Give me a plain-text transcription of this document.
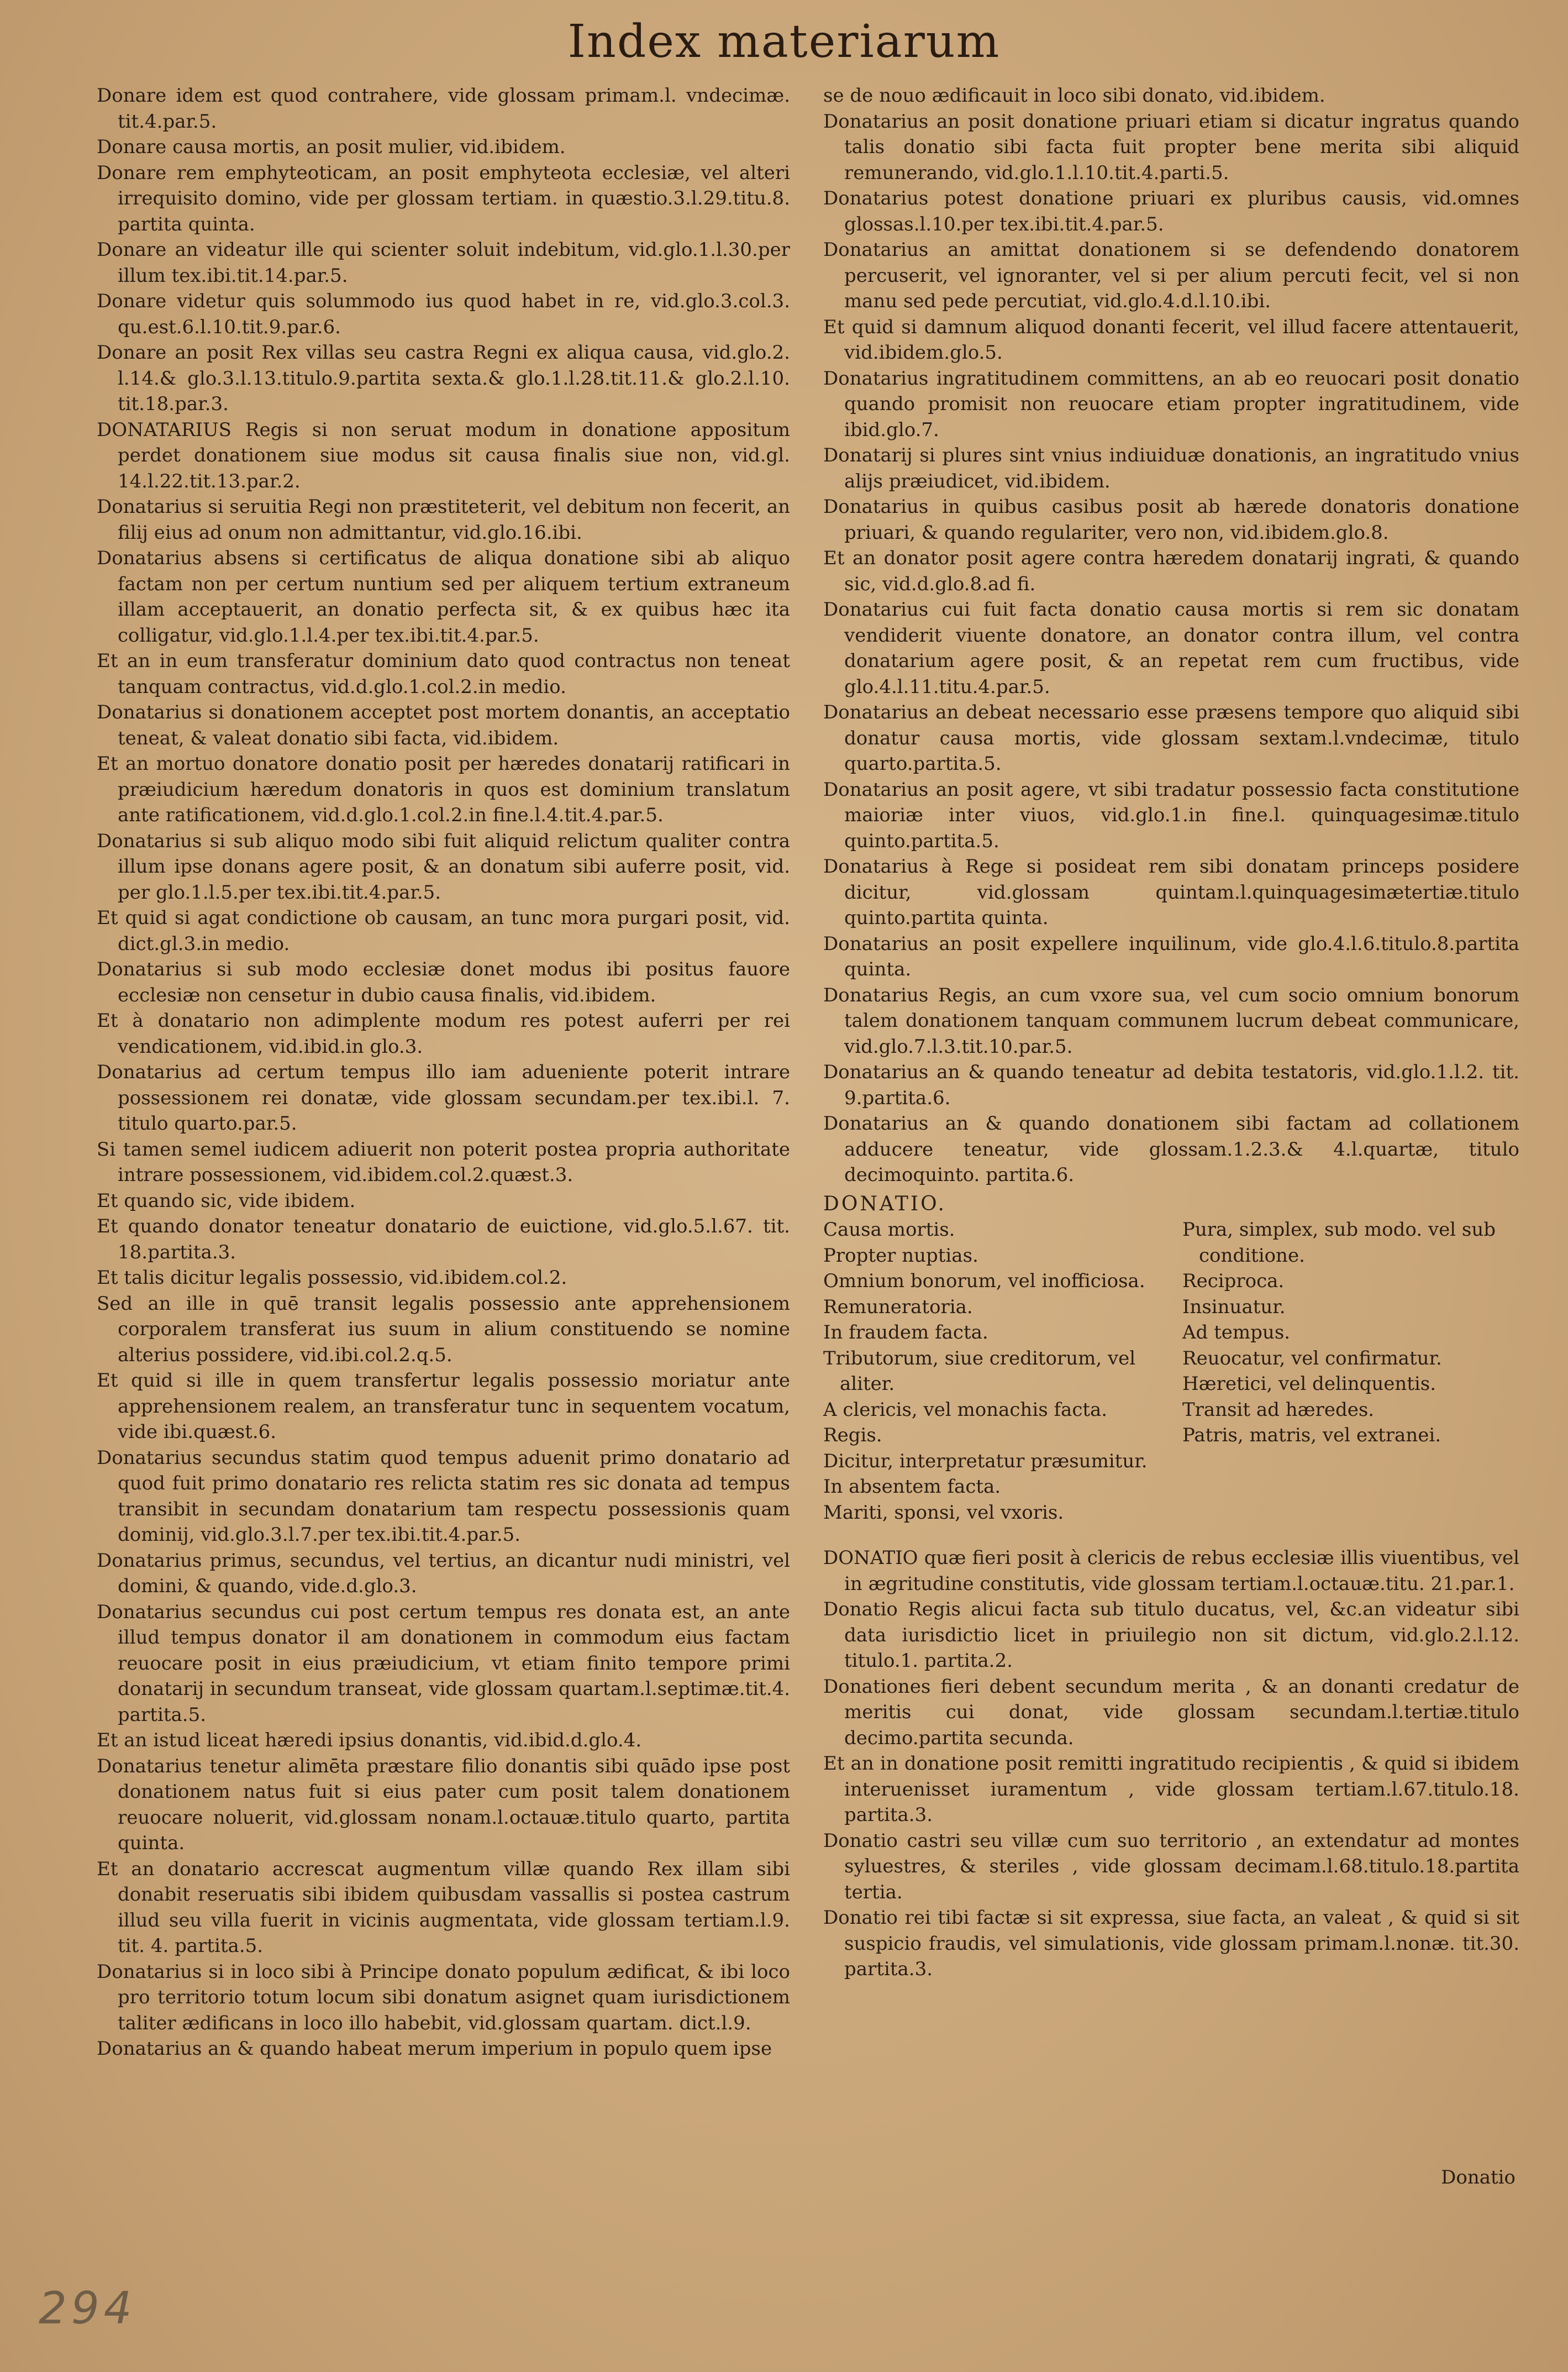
Index materiarum
Donare idem est quod contrahere, vide glossam primam.l. vndecimæ. tit.4.par.5.
Donare causa mortis, an posit mulier, vid.ibidem.
Donare rem emphyteoticam, an posit emphyteota ecclesiæ, vel alteri irrequisito domino, vide per glossam tertiam. in quæstio.3.l.29.titu.8. partita quinta.
Donare an videatur ille qui scienter soluit indebitum, vid.glo.1.l.30.per illum tex.ibi.tit.14.par.5.
Donare videtur quis solummodo ius quod habet in re, vid.glo.3.col.3. qu.est.6.l.10.tit.9.par.6.
Donare an posit Rex villas seu castra Regni ex aliqua causa, vid.glo.2. l.14.& glo.3.l.13.titulo.9.partita sexta.& glo.1.l.28.tit.11.& glo.2.l.10. tit.18.par.3.
DONATARIUS Regis si non seruat modum in donatione appositum perdet donationem siue modus sit causa finalis siue non, vid.gl. 14.l.22.tit.13.par.2.
Donatarius si seruitia Regi non præstiteterit, vel debitum non fecerit, an filij eius ad onum non admittantur, vid.glo.16.ibi.
Donatarius absens si certificatus de aliqua donatione sibi ab aliquo factam non per certum nuntium sed per aliquem tertium extraneum illam acceptauerit, an donatio perfecta sit, & ex quibus hæc ita colligatur, vid.glo.1.l.4.per tex.ibi.tit.4.par.5.
Et an in eum transferatur dominium dato quod contractus non teneat tanquam contractus, vid.d.glo.1.col.2.in medio.
Donatarius si donationem acceptet post mortem donantis, an acceptatio teneat, & valeat donatio sibi facta, vid.ibidem.
Et an mortuo donatore donatio posit per hæredes donatarij ratificari in præiudicium hæredum donatoris in quos est dominium translatum ante ratificationem, vid.d.glo.1.col.2.in fine.l.4.tit.4.par.5.
Donatarius si sub aliquo modo sibi fuit aliquid relictum qualiter contra illum ipse donans agere posit, & an donatum sibi auferre posit, vid. per glo.1.l.5.per tex.ibi.tit.4.par.5.
Et quid si agat condictione ob causam, an tunc mora purgari posit, vid. dict.gl.3.in medio.
Donatarius si sub modo ecclesiæ donet modus ibi positus fauore ecclesiæ non censetur in dubio causa finalis, vid.ibidem.
Et à donatario non adimplente modum res potest auferri per rei vendicationem, vid.ibid.in glo.3.
Donatarius ad certum tempus illo iam adueniente poterit intrare possessionem rei donatæ, vide glossam secundam.per tex.ibi.l. 7. titulo quarto.par.5.
Si tamen semel iudicem adiuerit non poterit postea propria authoritate intrare possessionem, vid.ibidem.col.2.quæst.3.
Et quando sic, vide ibidem.
Et quando donator teneatur donatario de euictione, vid.glo.5.l.67. tit. 18.partita.3.
Et talis dicitur legalis possessio, vid.ibidem.col.2.
Sed an ille in quē transit legalis possessio ante apprehensionem corporalem transferat ius suum in alium constituendo se nomine alterius possidere, vid.ibi.col.2.q.5.
Et quid si ille in quem transfertur legalis possessio moriatur ante apprehensionem realem, an transferatur tunc in sequentem vocatum, vide ibi.quæst.6.
Donatarius secundus statim quod tempus aduenit primo donatario ad quod fuit primo donatario res relicta statim res sic donata ad tempus transibit in secundam donatarium tam respectu possessionis quam dominij, vid.glo.3.l.7.per tex.ibi.tit.4.par.5.
Donatarius primus, secundus, vel tertius, an dicantur nudi ministri, vel domini, & quando, vide.d.glo.3.
Donatarius secundus cui post certum tempus res donata est, an ante illud tempus donator il am donationem in commodum eius factam reuocare posit in eius præiudicium, vt etiam finito tempore primi donatarij in secundum transeat, vide glossam quartam.l.septimæ.tit.4. partita.5.
Et an istud liceat hæredi ipsius donantis, vid.ibid.d.glo.4.
Donatarius tenetur alimēta præstare filio donantis sibi quādo ipse post donationem natus fuit si eius pater cum posit talem donationem reuocare noluerit, vid.glossam nonam.l.octauæ.titulo quarto, partita quinta.
Et an donatario accrescat augmentum villæ quando Rex illam sibi donabit reseruatis sibi ibidem quibusdam vassallis si postea castrum illud seu villa fuerit in vicinis augmentata, vide glossam tertiam.l.9. tit. 4. partita.5.
Donatarius si in loco sibi à Principe donato populum ædificat, & ibi loco pro territorio totum locum sibi donatum asignet quam iurisdictionem taliter ædificans in loco illo habebit, vid.glossam quartam. dict.l.9.
Donatarius an & quando habeat merum imperium in populo quem ipse
se de nouo ædificauit in loco sibi donato, vid.ibidem.
Donatarius an posit donatione priuari etiam si dicatur ingratus quando talis donatio sibi facta fuit propter bene merita sibi aliquid remunerando, vid.glo.1.l.10.tit.4.parti.5.
Donatarius potest donatione priuari ex pluribus causis, vid.omnes glossas.l.10.per tex.ibi.tit.4.par.5.
Donatarius an amittat donationem si se defendendo donatorem percuserit, vel ignoranter, vel si per alium percuti fecit, vel si non manu sed pede percutiat, vid.glo.4.d.l.10.ibi.
Et quid si damnum aliquod donanti fecerit, vel illud facere attentauerit, vid.ibidem.glo.5.
Donatarius ingratitudinem committens, an ab eo reuocari posit donatio quando promisit non reuocare etiam propter ingratitudinem, vide ibid.glo.7.
Donatarij si plures sint vnius indiuiduæ donationis, an ingratitudo vnius alijs præiudicet, vid.ibidem.
Donatarius in quibus casibus posit ab hærede donatoris donatione priuari, & quando regulariter, vero non, vid.ibidem.glo.8.
Et an donator posit agere contra hæredem donatarij ingrati, & quando sic, vid.d.glo.8.ad fi.
Donatarius cui fuit facta donatio causa mortis si rem sic donatam vendiderit viuente donatore, an donator contra illum, vel contra donatarium agere posit, & an repetat rem cum fructibus, vide glo.4.l.11.titu.4.par.5.
Donatarius an debeat necessario esse præsens tempore quo aliquid sibi donatur causa mortis, vide glossam sextam.l.vndecimæ, titulo quarto.partita.5.
Donatarius an posit agere, vt sibi tradatur possessio facta constitutione maioriæ inter viuos, vid.glo.1.in fine.l. quinquagesimæ.titulo quinto.partita.5.
Donatarius à Rege si posideat rem sibi donatam princeps posidere dicitur, vid.glossam quintam.l.quinquagesimætertiæ.titulo quinto.partita quinta.
Donatarius an posit expellere inquilinum, vide glo.4.l.6.titulo.8.partita quinta.
Donatarius Regis, an cum vxore sua, vel cum socio omnium bonorum talem donationem tanquam communem lucrum debeat communicare, vid.glo.7.l.3.tit.10.par.5.
Donatarius an & quando teneatur ad debita testatoris, vid.glo.1.l.2. tit. 9.partita.6.
Donatarius an & quando donationem sibi factam ad collationem adducere teneatur, vide glossam.1.2.3.& 4.l.quartæ, titulo decimoquinto. partita.6.
DONATIO.
Causa mortis.
Propter nuptias.
Omnium bonorum, vel inofficiosa.
Remuneratoria.
In fraudem facta.
Tributorum, siue creditorum, vel aliter.
A clericis, vel monachis facta.
Regis.
Dicitur, interpretatur præsumitur.
In absentem facta.
Mariti, sponsi, vel vxoris.
Pura, simplex, sub modo. vel sub conditione.
Reciproca.
Insinuatur.
Ad tempus.
Reuocatur, vel confirmatur.
Hæretici, vel delinquentis.
Transit ad hæredes.
Patris, matris, vel extranei.
DONATIO quæ fieri posit à clericis de rebus ecclesiæ illis viuentibus, vel in ægritudine constitutis, vide glossam tertiam.l.octauæ.titu. 21.par.1.
Donatio Regis alicui facta sub titulo ducatus, vel, &c.an videatur sibi data iurisdictio licet in priuilegio non sit dictum, vid.glo.2.l.12. titulo.1. partita.2.
Donationes fieri debent secundum merita , & an donanti credatur de meritis cui donat, vide glossam secundam.l.tertiæ.titulo decimo.partita secunda.
Et an in donatione posit remitti ingratitudo recipientis , & quid si ibidem interuenisset iuramentum , vide glossam tertiam.l.67.titulo.18. partita.3.
Donatio castri seu villæ cum suo territorio , an extendatur ad montes syluestres, & steriles , vide glossam decimam.l.68.titulo.18.partita tertia.
Donatio rei tibi factæ si sit expressa, siue facta, an valeat , & quid si sit suspicio fraudis, vel simulationis, vide glossam primam.l.nonæ. tit.30. partita.3.
Donatio
294
